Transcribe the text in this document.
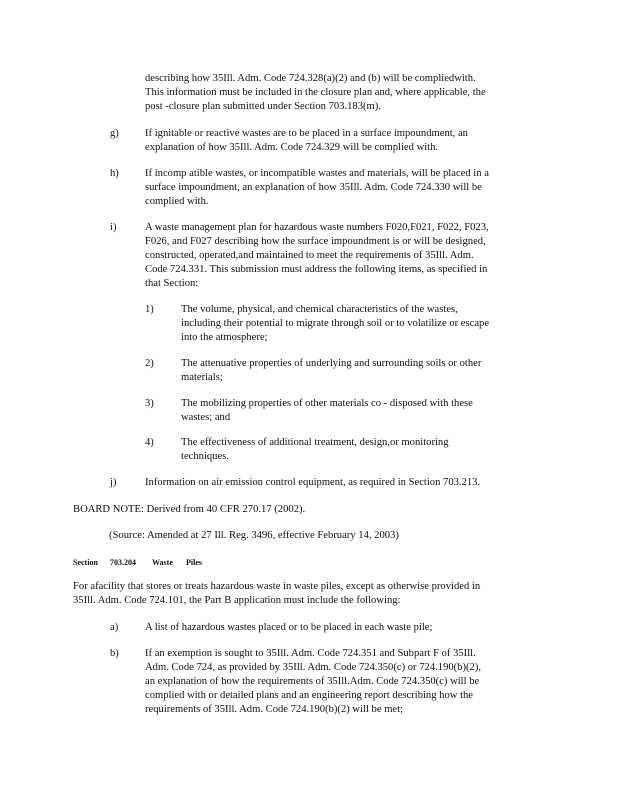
describing how 35Ill. Adm. Code 724.328(a)(2) and (b) will be compliedwith.
This information must be included in the closure plan and, where applicable, the
post -closure plan submitted under Section 703.183(m).
g) If ignitable or reactive wastes are to be placed in a surface impoundment, an
explanation of how 35Ill. Adm. Code 724.329 will be complied with.
h) If incomp atible wastes, or incompatible wastes and materials, will be placed in a
surface impoundment, an explanation of how 35Ill. Adm. Code 724.330 will be
complied with.
i)	A waste management plan for hazardous waste numbers F020,F021, F022, F023,
F026, and F027 describing how the surface impoundment is or will be designed,
constructed, operated,and maintained to meet the requirements of 35Ill. Adm.
Code 724.331. This submission must address the following items, as specified in
that Section:
1)	The volume, physical, and chemical characteristics of the wastes,
including their potential to migrate through soil or to volatilize or escape
into the atmosphere;
2)	The attenuative properties of underlying and surrounding soils or other
materials;
3)	The mobilizing properties of other materials co - disposed with these
wastes; and
4)	The effectiveness of additional treatment, design,or monitoring
techniques.
j)	Information on air emission control equipment, as required in Section 703.213.
BOARD NOTE: Derived from 40 CFR 270.17 (2002).
(Source: Amended at 27 Ill. Reg. 3496, effective February 14, 2003)
Section 703.204 Waste Piles
For afacility that stores or treats hazardous waste in waste piles, except as otherwise provided in
35Ill. Adm. Code 724.101, the Part B application must include the following:
a)	A list of hazardous wastes placed or to be placed in each waste pile;
b) If an exemption is sought to 35Ill. Adm. Code 724.351 and Subpart F of 35Ill.
Adm. Code 724, as provided by 35Ill. Adm. Code 724.350(c) or 724.190(b)(2),
an explanation of how the requirements of 35Ill.Adm. Code 724.350(c) will be
complied with or detailed plans and an engineering report describing how the
requirements of 35Ill. Adm. Code 724.190(b)(2) will be met;
